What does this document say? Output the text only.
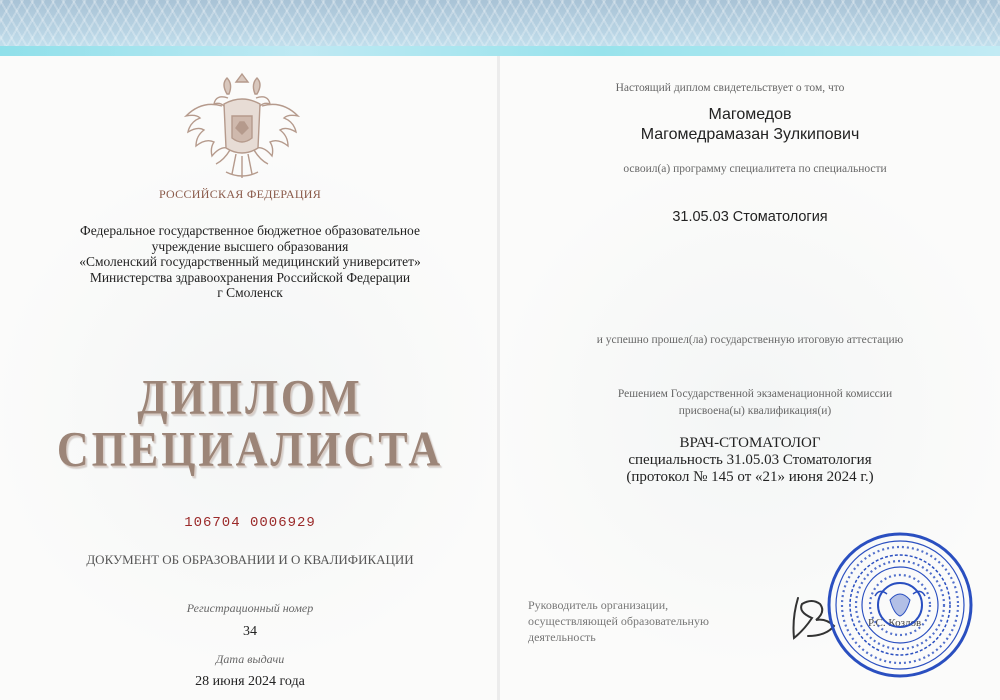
РОССИЙСКАЯ ФЕДЕРАЦИЯ
Федеральное государственное бюджетное образовательное
учреждение высшего образования
«Смоленский государственный медицинский университет»
Министерства здравоохранения Российской Федерации
г Смоленск
ДИПЛОМ
СПЕЦИАЛИСТА
106704 0006929
ДОКУМЕНТ ОБ ОБРАЗОВАНИИ И О КВАЛИФИКАЦИИ
Регистрационный номер
34
Дата выдачи
28 июня 2024 года
Настоящий диплом свидетельствует о том, что
Магомедов
Магомедрамазан Зулкипович
освоил(а) программу специалитета по специальности
31.05.03 Стоматология
и успешно прошел(ла) государственную итоговую аттестацию
Решением Государственной экзаменационной комиссии
присвоена(ы) квалификация(и)
ВРАЧ-СТОМАТОЛОГ
специальность 31.05.03 Стоматология
(протокол № 145 от «21» июня 2024 г.)
Руководитель организации,
осуществляющей образовательную
деятельность
Р.С. Козлов
